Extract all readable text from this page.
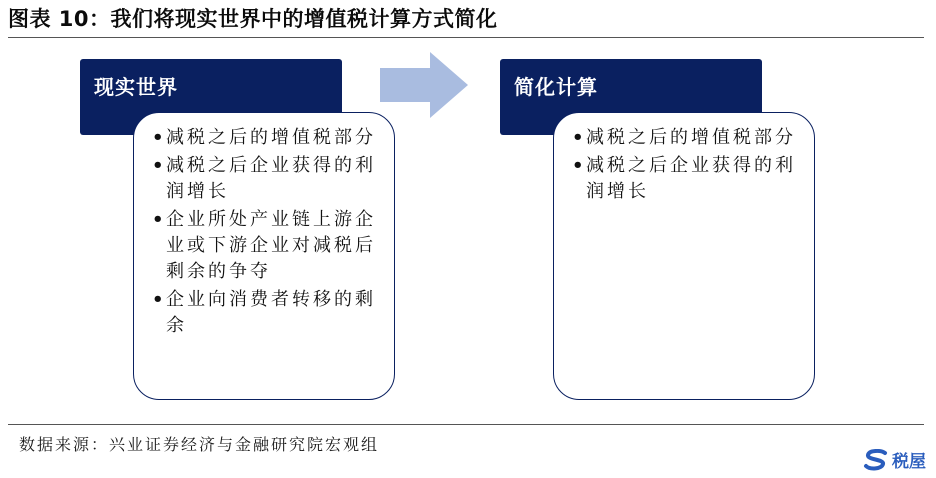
图表 10：我们将现实世界中的增值税计算方式简化
现实世界
• 减税之后的增值税部分
• 减税之后企业获得的利润增长
• 企业所处产业链上游企业或下游企业对减税后剩余的争夺
• 企业向消费者转移的剩余
简化计算
• 减税之后的增值税部分
• 减税之后企业获得的利润增长
数据来源：兴业证券经济与金融研究院宏观组
税屋
